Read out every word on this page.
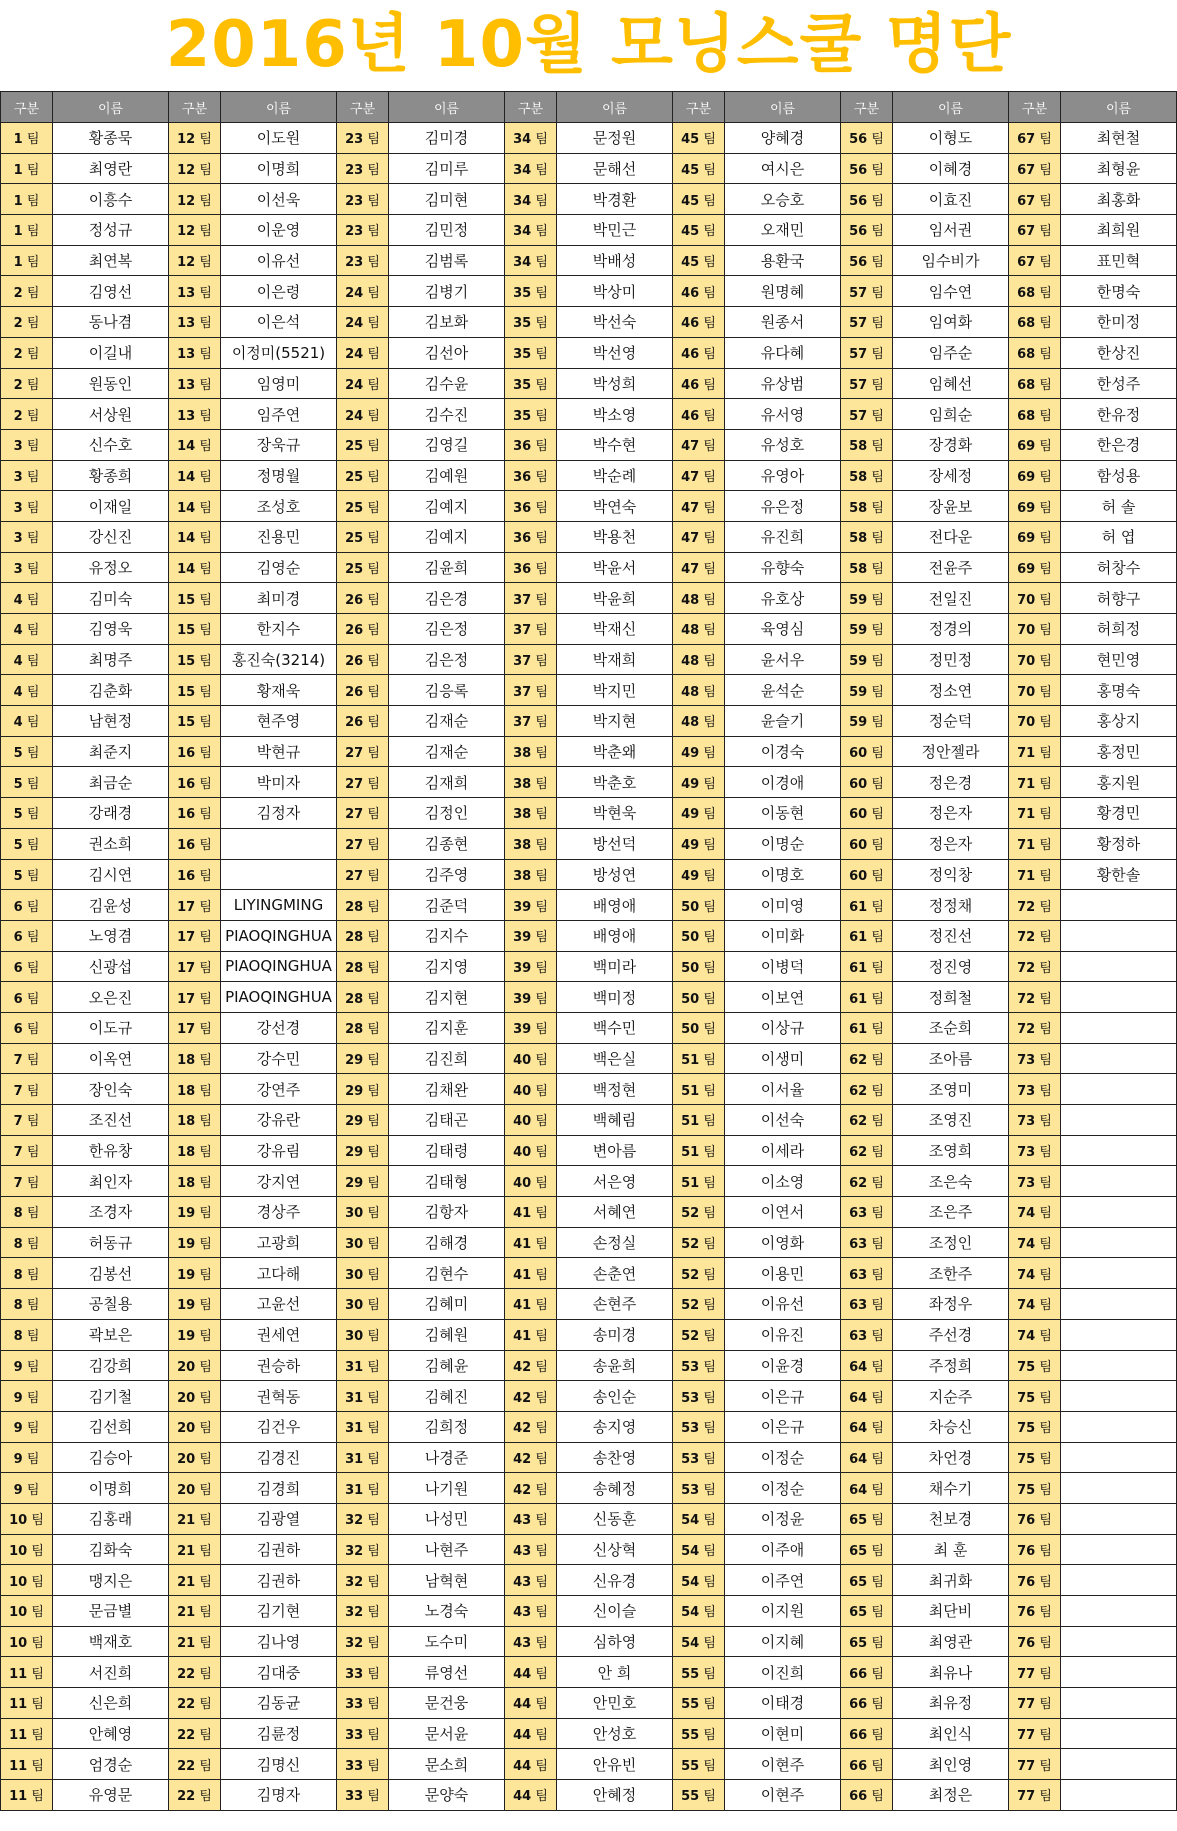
2016년 10월 모닝스쿨 명단
구분	이름	구분	이름	구분	이름	구분	이름	구분	이름	구분	이름	구분	이름
1 팀	황종묵	12 팀	이도원	23 팀	김미경	34 팀	문정원	45 팀	양혜경	56 팀	이형도	67 팀	최현철
1 팀	최영란	12 팀	이명희	23 팀	김미루	34 팀	문해선	45 팀	여시은	56 팀	이혜경	67 팀	최형윤
1 팀	이흥수	12 팀	이선욱	23 팀	김미현	34 팀	박경환	45 팀	오승호	56 팀	이효진	67 팀	최홍화
1 팀	정성규	12 팀	이운영	23 팀	김민정	34 팀	박민근	45 팀	오재민	56 팀	임서권	67 팀	최희원
1 팀	최연복	12 팀	이유선	23 팀	김범록	34 팀	박배성	45 팀	용환국	56 팀	임수비가	67 팀	표민혁
2 팀	김영선	13 팀	이은령	24 팀	김병기	35 팀	박상미	46 팀	원명혜	57 팀	임수연	68 팀	한명숙
2 팀	동나겸	13 팀	이은석	24 팀	김보화	35 팀	박선숙	46 팀	원종서	57 팀	임여화	68 팀	한미정
2 팀	이길내	13 팀	이정미(5521)	24 팀	김선아	35 팀	박선영	46 팀	유다혜	57 팀	임주순	68 팀	한상진
2 팀	원동인	13 팀	임영미	24 팀	김수윤	35 팀	박성희	46 팀	유상범	57 팀	임혜선	68 팀	한성주
2 팀	서상원	13 팀	임주연	24 팀	김수진	35 팀	박소영	46 팀	유서영	57 팀	임희순	68 팀	한유정
3 팀	신수호	14 팀	장욱규	25 팀	김영길	36 팀	박수현	47 팀	유성호	58 팀	장경화	69 팀	한은경
3 팀	황종희	14 팀	정명월	25 팀	김예원	36 팀	박순례	47 팀	유영아	58 팀	장세정	69 팀	함성용
3 팀	이재일	14 팀	조성호	25 팀	김예지	36 팀	박연숙	47 팀	유은정	58 팀	장윤보	69 팀	허 솔
3 팀	강신진	14 팀	진용민	25 팀	김예지	36 팀	박용천	47 팀	유진희	58 팀	전다운	69 팀	허 엽
3 팀	유정오	14 팀	김영순	25 팀	김윤희	36 팀	박윤서	47 팀	유향숙	58 팀	전윤주	69 팀	허창수
4 팀	김미숙	15 팀	최미경	26 팀	김은경	37 팀	박윤희	48 팀	유호상	59 팀	전일진	70 팀	허향구
4 팀	김영욱	15 팀	한지수	26 팀	김은정	37 팀	박재신	48 팀	육영심	59 팀	정경의	70 팀	허희정
4 팀	최명주	15 팀	홍진숙(3214)	26 팀	김은정	37 팀	박재희	48 팀	윤서우	59 팀	정민정	70 팀	현민영
4 팀	김춘화	15 팀	황재욱	26 팀	김응록	37 팀	박지민	48 팀	윤석순	59 팀	정소연	70 팀	홍명숙
4 팀	남현정	15 팀	현주영	26 팀	김재순	37 팀	박지현	48 팀	윤슬기	59 팀	정순덕	70 팀	홍상지
5 팀	최준지	16 팀	박현규	27 팀	김재순	38 팀	박춘왜	49 팀	이경숙	60 팀	정안젤라	71 팀	홍정민
5 팀	최금순	16 팀	박미자	27 팀	김재희	38 팀	박춘호	49 팀	이경애	60 팀	정은경	71 팀	홍지원
5 팀	강래경	16 팀	김정자	27 팀	김정인	38 팀	박현욱	49 팀	이동현	60 팀	정은자	71 팀	황경민
5 팀	권소희	16 팀		27 팀	김종현	38 팀	방선덕	49 팀	이명순	60 팀	정은자	71 팀	황정하
5 팀	김시연	16 팀		27 팀	김주영	38 팀	방성연	49 팀	이명호	60 팀	정익창	71 팀	황한솔
6 팀	김윤성	17 팀	LIYINGMING	28 팀	김준덕	39 팀	배영애	50 팀	이미영	61 팀	정정채	72 팀	
6 팀	노영겸	17 팀	PIAOQINGHUA	28 팀	김지수	39 팀	배영애	50 팀	이미화	61 팀	정진선	72 팀	
6 팀	신광섭	17 팀	PIAOQINGHUA	28 팀	김지영	39 팀	백미라	50 팀	이병덕	61 팀	정진영	72 팀	
6 팀	오은진	17 팀	PIAOQINGHUA	28 팀	김지현	39 팀	백미정	50 팀	이보연	61 팀	정희철	72 팀	
6 팀	이도규	17 팀	강선경	28 팀	김지훈	39 팀	백수민	50 팀	이상규	61 팀	조순희	72 팀	
7 팀	이옥연	18 팀	강수민	29 팀	김진희	40 팀	백은실	51 팀	이생미	62 팀	조아름	73 팀	
7 팀	장인숙	18 팀	강연주	29 팀	김채완	40 팀	백정현	51 팀	이서율	62 팀	조영미	73 팀	
7 팀	조진선	18 팀	강유란	29 팀	김태곤	40 팀	백혜림	51 팀	이선숙	62 팀	조영진	73 팀	
7 팀	한유창	18 팀	강유림	29 팀	김태령	40 팀	변아름	51 팀	이세라	62 팀	조영희	73 팀	
7 팀	최인자	18 팀	강지연	29 팀	김태형	40 팀	서은영	51 팀	이소영	62 팀	조은숙	73 팀	
8 팀	조경자	19 팀	경상주	30 팀	김항자	41 팀	서혜연	52 팀	이연서	63 팀	조은주	74 팀	
8 팀	허동규	19 팀	고광희	30 팀	김해경	41 팀	손정실	52 팀	이영화	63 팀	조정인	74 팀	
8 팀	김봉선	19 팀	고다해	30 팀	김현수	41 팀	손춘연	52 팀	이용민	63 팀	조한주	74 팀	
8 팀	공칠용	19 팀	고윤선	30 팀	김혜미	41 팀	손현주	52 팀	이유선	63 팀	좌정우	74 팀	
8 팀	곽보은	19 팀	권세연	30 팀	김혜원	41 팀	송미경	52 팀	이유진	63 팀	주선경	74 팀	
9 팀	김강희	20 팀	권승하	31 팀	김혜윤	42 팀	송윤희	53 팀	이윤경	64 팀	주정희	75 팀	
9 팀	김기철	20 팀	권혁동	31 팀	김혜진	42 팀	송인순	53 팀	이은규	64 팀	지순주	75 팀	
9 팀	김선희	20 팀	김건우	31 팀	김희정	42 팀	송지영	53 팀	이은규	64 팀	차승신	75 팀	
9 팀	김승아	20 팀	김경진	31 팀	나경준	42 팀	송찬영	53 팀	이정순	64 팀	차언경	75 팀	
9 팀	이명희	20 팀	김경희	31 팀	나기원	42 팀	송혜정	53 팀	이정순	64 팀	채수기	75 팀	
10 팀	김홍래	21 팀	김광열	32 팀	나성민	43 팀	신동훈	54 팀	이정윤	65 팀	천보경	76 팀	
10 팀	김화숙	21 팀	김권하	32 팀	나현주	43 팀	신상혁	54 팀	이주애	65 팀	최 훈	76 팀	
10 팀	맹지은	21 팀	김권하	32 팀	남혁현	43 팀	신유경	54 팀	이주연	65 팀	최귀화	76 팀	
10 팀	문금별	21 팀	김기현	32 팀	노경숙	43 팀	신이슬	54 팀	이지원	65 팀	최단비	76 팀	
10 팀	백재호	21 팀	김나영	32 팀	도수미	43 팀	심하영	54 팀	이지혜	65 팀	최영관	76 팀	
11 팀	서진희	22 팀	김대중	33 팀	류영선	44 팀	안 희	55 팀	이진희	66 팀	최유나	77 팀	
11 팀	신은희	22 팀	김동균	33 팀	문건웅	44 팀	안민호	55 팀	이태경	66 팀	최유정	77 팀	
11 팀	안혜영	22 팀	김륜정	33 팀	문서윤	44 팀	안성호	55 팀	이현미	66 팀	최인식	77 팀	
11 팀	엄경순	22 팀	김명신	33 팀	문소희	44 팀	안유빈	55 팀	이현주	66 팀	최인영	77 팀	
11 팀	유영문	22 팀	김명자	33 팀	문양숙	44 팀	안혜정	55 팀	이현주	66 팀	최정은	77 팀	
